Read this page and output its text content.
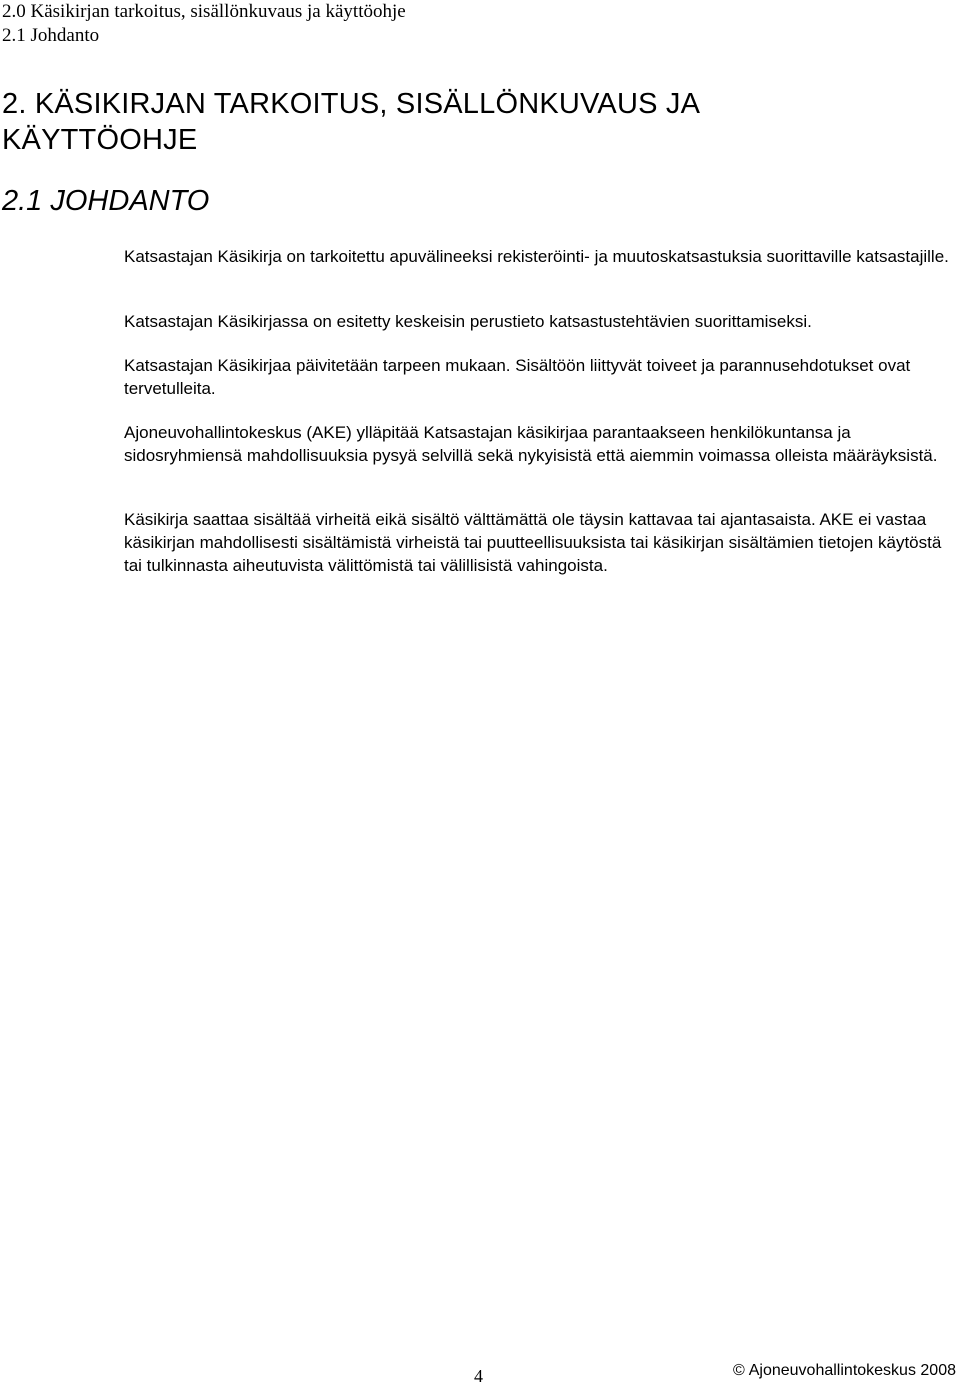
2.0 Käsikirjan tarkoitus, sisällönkuvaus ja käyttöohje
2.1 Johdanto
2. KÄSIKIRJAN TARKOITUS, SISÄLLÖNKUVAUS JA KÄYTTÖOHJE
2.1 JOHDANTO

Katsastajan Käsikirja on tarkoitettu apuvälineeksi rekisteröinti- ja muutoskatsastuksia suorittaville katsastajille.

Katsastajan Käsikirjassa on esitetty keskeisin perustieto katsastustehtävien suorittamiseksi.

Katsastajan Käsikirjaa päivitetään tarpeen mukaan. Sisältöön liittyvät toiveet ja parannusehdotukset ovat tervetulleita.

Ajoneuvohallintokeskus (AKE) ylläpitää Katsastajan käsikirjaa parantaakseen henkilökuntansa ja sidosryhmiensä mahdollisuuksia pysyä selvillä sekä nykyisistä että aiemmin voimassa olleista määräyksistä.

Käsikirja saattaa sisältää virheitä eikä sisältö välttämättä ole täysin kattavaa tai ajantasaista. AKE ei vastaa käsikirjan mahdollisesti sisältämistä virheistä tai puutteellisuuksista tai käsikirjan sisältämien tietojen käytöstä tai tulkinnasta aiheutuvista välittömistä tai välillisistä vahingoista.

4	© Ajoneuvohallintokeskus 2008
